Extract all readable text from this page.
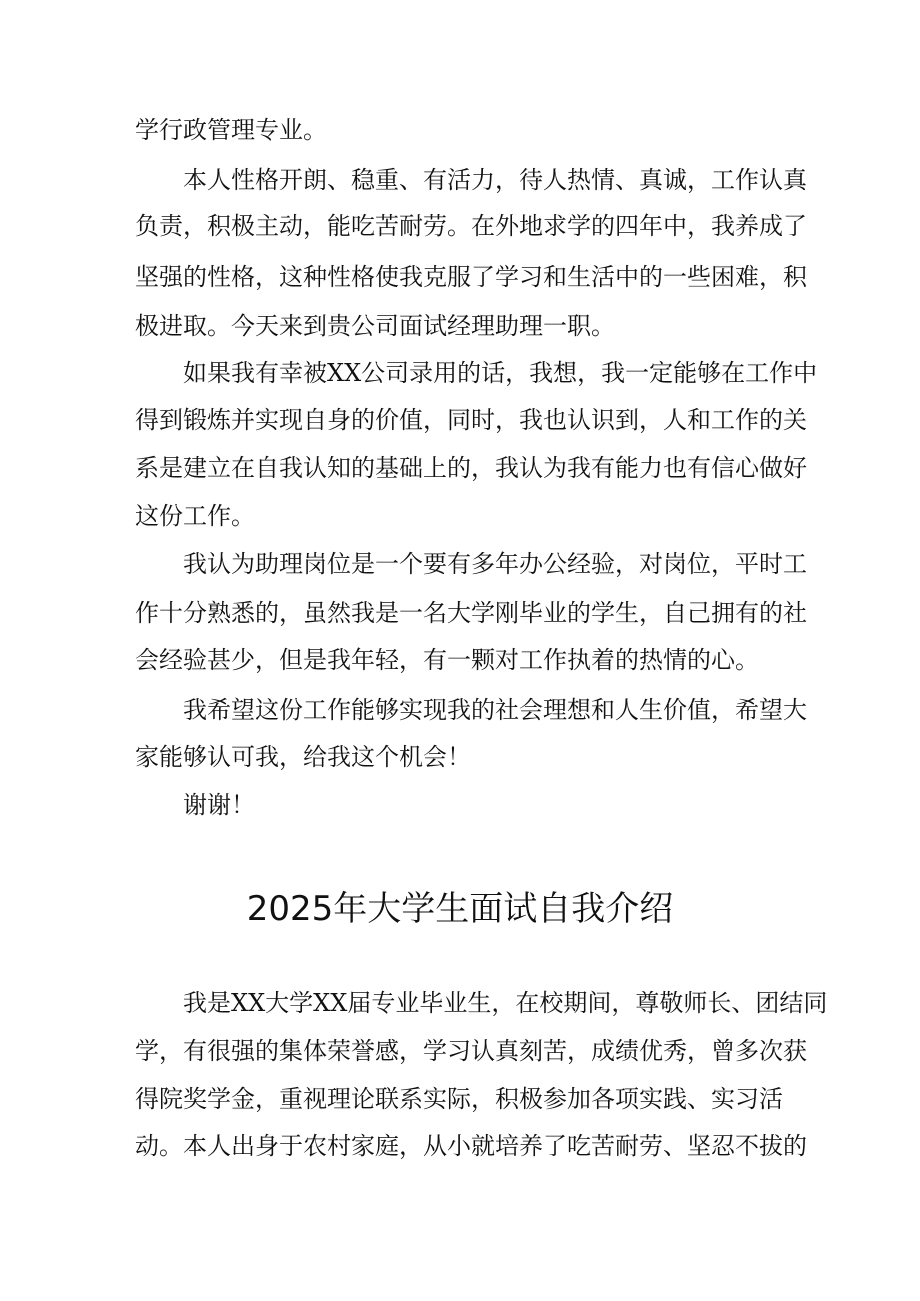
学行政管理专业。
本人性格开朗、稳重、有活力，待人热情、真诚，工作认真
负责，积极主动，能吃苦耐劳。在外地求学的四年中，我养成了
坚强的性格，这种性格使我克服了学习和生活中的一些困难，积
极进取。今天来到贵公司面试经理助理一职。
如果我有幸被XX公司录用的话，我想，我一定能够在工作中
得到锻炼并实现自身的价值，同时，我也认识到，人和工作的关
系是建立在自我认知的基础上的，我认为我有能力也有信心做好
这份工作。
我认为助理岗位是一个要有多年办公经验，对岗位，平时工
作十分熟悉的，虽然我是一名大学刚毕业的学生，自己拥有的社
会经验甚少，但是我年轻，有一颗对工作执着的热情的心。
我希望这份工作能够实现我的社会理想和人生价值，希望大
家能够认可我，给我这个机会！
谢谢！
2025年大学生面试自我介绍
我是XX大学XX届专业毕业生，在校期间，尊敬师长、团结同
学，有很强的集体荣誉感，学习认真刻苦，成绩优秀，曾多次获
得院奖学金，重视理论联系实际，积极参加各项实践、实习活
动。本人出身于农村家庭，从小就培养了吃苦耐劳、坚忍不拔的
